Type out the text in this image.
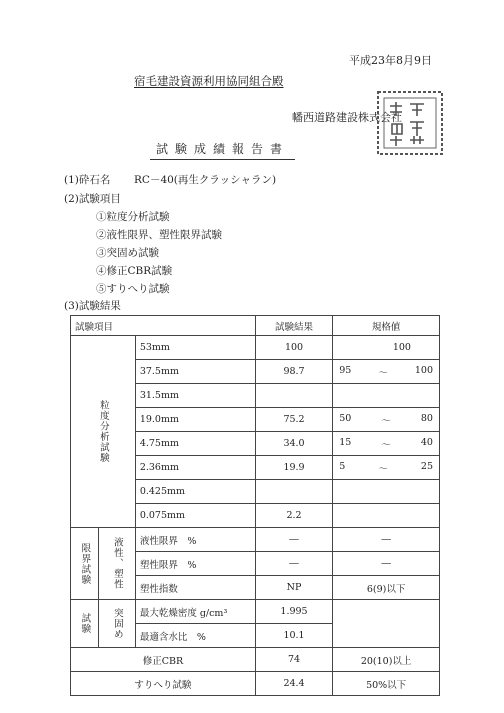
平成23年8月9日
宿毛建設資源利用協同組合殿
幡西道路建設株式会社
試験成績報告書
(1)砕石名 RC－40(再生クラッシャラン)
(2)試験項目
①粒度分析試験
②液性限界、塑性限界試験
③突固め試験
④修正CBR試験
⑤すりへり試験
(3)試験結果
試験項目			試験結果	規格値

粒度分析試験		53mm	100	100

		37.5mm	98.7	95 ～ 100

		31.5mm		

		19.0mm	75.2	50 ～ 80

		4.75mm	34.0	15 ～ 40

		2.36mm	19.9	5 ～ 25

		0.425mm		

		0.075mm	2.2	

限界試験	液性、塑性	液性限界　%	―	―
		塑性限界　%	―	―
		塑性指数	NP	6(9)以下

試験	突固め	最大乾燥密度 g/cm³	1.995	
		最適含水比　%	10.1	
修正CBR			74	20(10)以上
すりへり試験			24.4	50%以下
